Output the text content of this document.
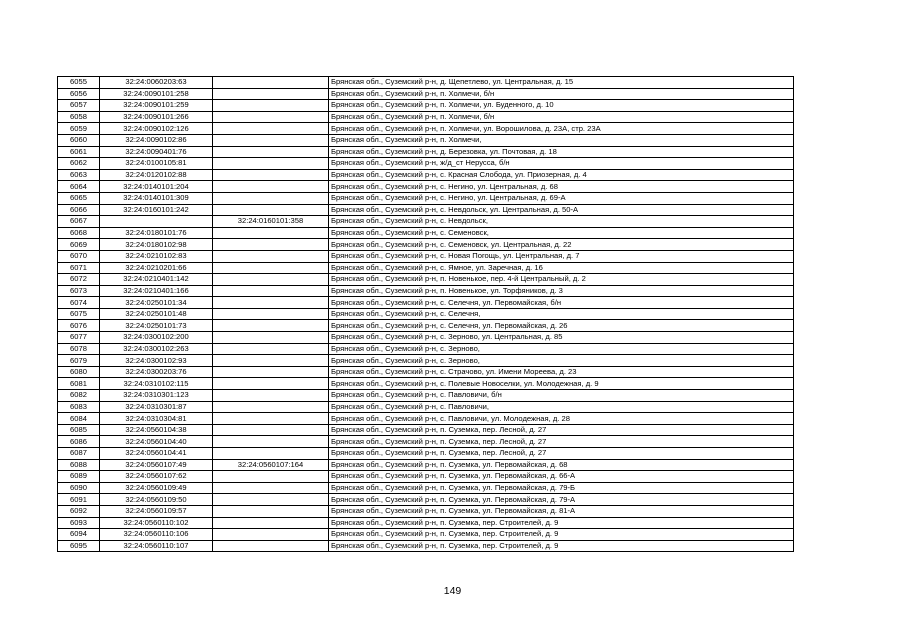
6055	32:24:0060203:63		Брянская обл., Суземский р-н, д. Щепетлево, ул. Центральная, д. 15
6056	32:24:0090101:258		Брянская обл., Суземский р-н, п. Холмечи, б/н
6057	32:24:0090101:259		Брянская обл., Суземский р-н, п. Холмечи, ул. Буденного, д. 10
6058	32:24:0090101:266		Брянская обл., Суземский р-н, п. Холмечи, б/н
6059	32:24:0090102:126		Брянская обл., Суземский р-н, п. Холмечи, ул. Ворошилова, д. 23А, стр. 23А
6060	32:24:0090102:86		Брянская обл., Суземский р-н, п. Холмечи,
6061	32:24:0090401:76		Брянская обл., Суземский р-н, д. Березовка, ул. Почтовая, д. 18
6062	32:24:0100105:81		Брянская обл., Суземский р-н, ж/д_ст Нерусса, б/н
6063	32:24:0120102:88		Брянская обл., Суземский р-н, с. Красная Слобода, ул. Приозерная, д. 4
6064	32:24:0140101:204		Брянская обл., Суземский р-н, с. Негино, ул. Центральная, д. 68
6065	32:24:0140101:309		Брянская обл., Суземский р-н, с. Негино, ул. Центральная, д. 69-А
6066	32:24:0160101:242		Брянская обл., Суземский р-н, с. Невдольск, ул. Центральная, д. 50-А
6067		32:24:0160101:358	Брянская обл., Суземский р-н, с. Невдольск,
6068	32:24:0180101:76		Брянская обл., Суземский р-н, с. Семеновск,
6069	32:24:0180102:98		Брянская обл., Суземский р-н, с. Семеновск, ул. Центральная, д. 22
6070	32:24:0210102:83		Брянская обл., Суземский р-н, с. Новая Погощь, ул. Центральная, д. 7
6071	32:24:0210201:66		Брянская обл., Суземский р-н, с. Ямное, ул. Заречная, д. 16
6072	32:24:0210401:142		Брянская обл., Суземский р-н, п. Новенькое, пер. 4-й Центральный, д. 2
6073	32:24:0210401:166		Брянская обл., Суземский р-н, п. Новенькое, ул. Торфяников, д. 3
6074	32:24:0250101:34		Брянская обл., Суземский р-н, с. Селечня, ул. Первомайская, б/н
6075	32:24:0250101:48		Брянская обл., Суземский р-н, с. Селечня,
6076	32:24:0250101:73		Брянская обл., Суземский р-н, с. Селечня, ул. Первомайская, д. 26
6077	32:24:0300102:200		Брянская обл., Суземский р-н, с. Зерново, ул. Центральная, д. 85
6078	32:24:0300102:263		Брянская обл., Суземский р-н, с. Зерново,
6079	32:24:0300102:93		Брянская обл., Суземский р-н, с. Зерново,
6080	32:24:0300203:76		Брянская обл., Суземский р-н, с. Страчово, ул. Имени Мореева, д. 23
6081	32:24:0310102:115		Брянская обл., Суземский р-н, с. Полевые Новоселки, ул. Молодежная, д. 9
6082	32:24:0310301:123		Брянская обл., Суземский р-н, с. Павловичи, б/н
6083	32:24:0310301:87		Брянская обл., Суземский р-н, с. Павловичи,
6084	32:24:0310304:81		Брянская обл., Суземский р-н, с. Павловичи, ул. Молодежная, д. 28
6085	32:24:0560104:38		Брянская обл., Суземский р-н, п. Суземка, пер. Лесной, д. 27
6086	32:24:0560104:40		Брянская обл., Суземский р-н, п. Суземка, пер. Лесной, д. 27
6087	32:24:0560104:41		Брянская обл., Суземский р-н, п. Суземка, пер. Лесной, д. 27
6088	32:24:0560107:49	32:24:0560107:164	Брянская обл., Суземский р-н, п. Суземка, ул. Первомайская, д. 68
6089	32:24:0560107:62		Брянская обл., Суземский р-н, п. Суземка, ул. Первомайская, д. 66-А
6090	32:24:0560109:49		Брянская обл., Суземский р-н, п. Суземка, ул. Первомайская, д. 79-Б
6091	32:24:0560109:50		Брянская обл., Суземский р-н, п. Суземка, ул. Первомайская, д. 79-А
6092	32:24:0560109:57		Брянская обл., Суземский р-н, п. Суземка, ул. Первомайская, д. 81-А
6093	32:24:0560110:102		Брянская обл., Суземский р-н, п. Суземка, пер. Строителей, д. 9
6094	32:24:0560110:106		Брянская обл., Суземский р-н, п. Суземка, пер. Строителей, д. 9
6095	32:24:0560110:107		Брянская обл., Суземский р-н, п. Суземка, пер. Строителей, д. 9
149
